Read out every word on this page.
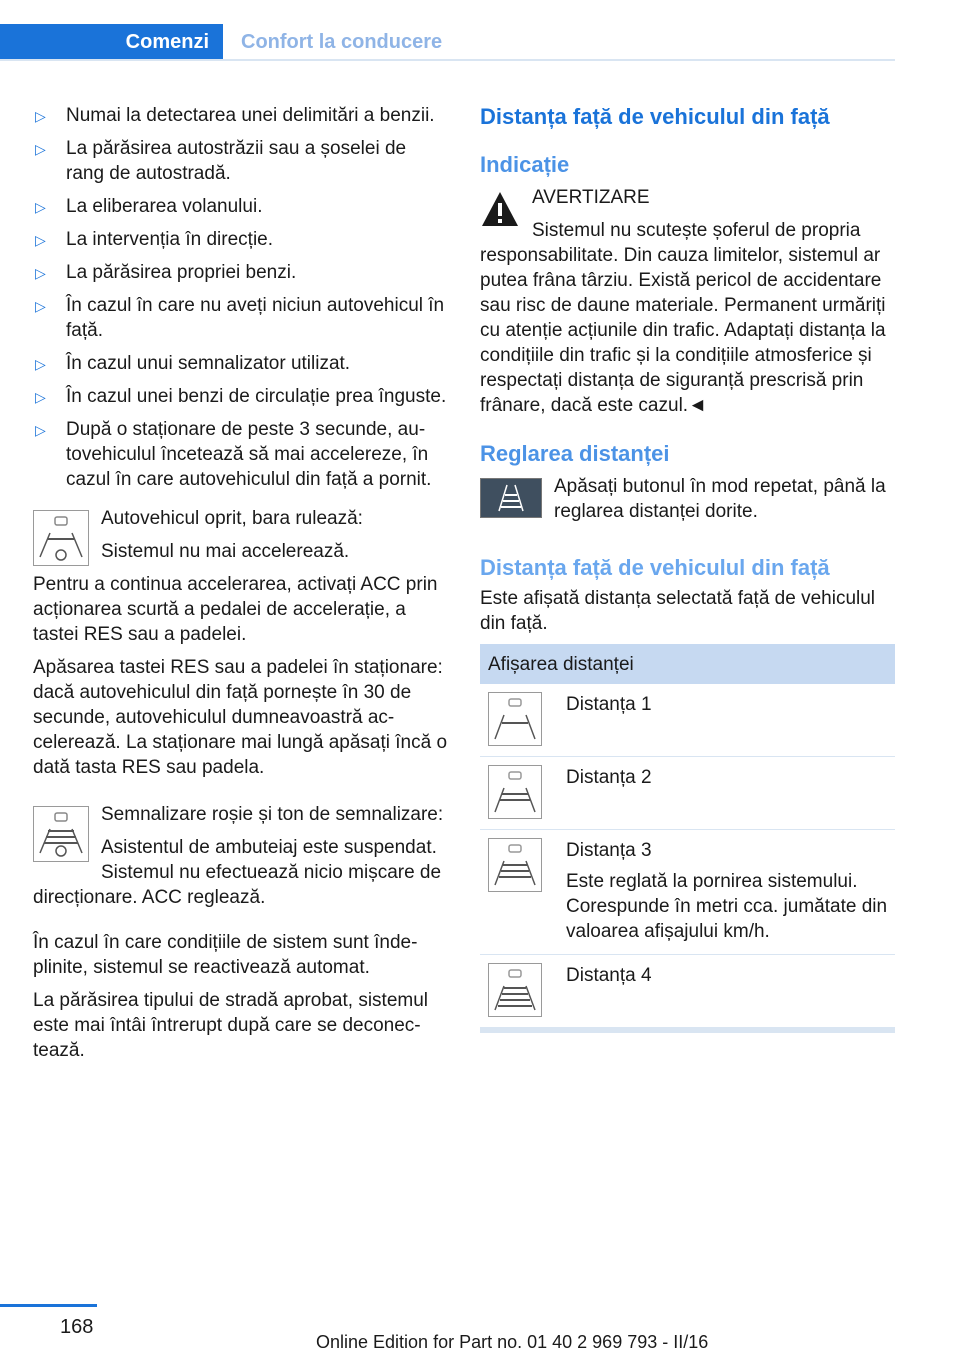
Comenzi	Confort la conducere
▷ Numai la detectarea unei delimitări a benzii.
▷ La părăsirea autostrăzii sau a șoselei de rang de autostradă.
▷ La eliberarea volanului.
▷ La intervenția în direcție.
▷ La părăsirea propriei benzi.
▷ În cazul în care nu aveți niciun autovehicul în față.
▷ În cazul unui semnalizator utilizat.
▷ În cazul unei benzi de circulație prea înguste.
▷ După o staționare de peste 3 secunde, autovehiculul încetează să mai accelereze, în cazul în care autovehiculul din față a pornit.

Autovehicul oprit, bara rulează:

Sistemul nu mai accelerează.

Pentru a continua accelerarea, activați ACC prin acționarea scurtă a pedalei de accelerație, a tastei RES sau a padelei.

Apăsarea tastei RES sau a padelei în staționare: dacă autovehiculul din față pornește în 30 de secunde, autovehiculul dumneavoastră accelerează. La staționare mai lungă apăsați încă o dată tasta RES sau padela.

Semnalizare roșie și ton de semnalizare:

Asistentul de ambuteiaj este suspendat. Sistemul nu efectuează nicio mișcare de direcționare. ACC reglează.

În cazul în care condițiile de sistem sunt îndeplinite, sistemul se reactivează automat.

La părăsirea tipului de stradă aprobat, sistemul este mai întâi întrerupt după care se deconectează.

Distanța față de vehiculul din față
Indicație

AVERTIZARE

Sistemul nu scutește șoferul de propria responsabilitate. Din cauza limitelor, sistemul ar putea frâna târziu. Există pericol de accidentare sau risc de daune materiale. Permanent urmăriți cu atenție acțiunile din trafic. Adaptați distanța la condițiile din trafic și la condițiile atmosferice și respectați distanța de siguranță prescrisă prin frânare, dacă este cazul.◄

Reglarea distanței

Apăsați butonul în mod repetat, până la reglarea distanței dorite.

Distanța față de vehiculul din față

Este afișată distanța selectată față de vehiculul din față.

Afișarea distanței	

	Distanța 1

	Distanța 2

Distanța 3

Este reglată la pornirea sistemului. Corespunde în metri cca. jumătate din valoarea afișajului km/h.

	Distanța 4
168
Online Edition for Part no. 01 40 2 969 793 - II/16
